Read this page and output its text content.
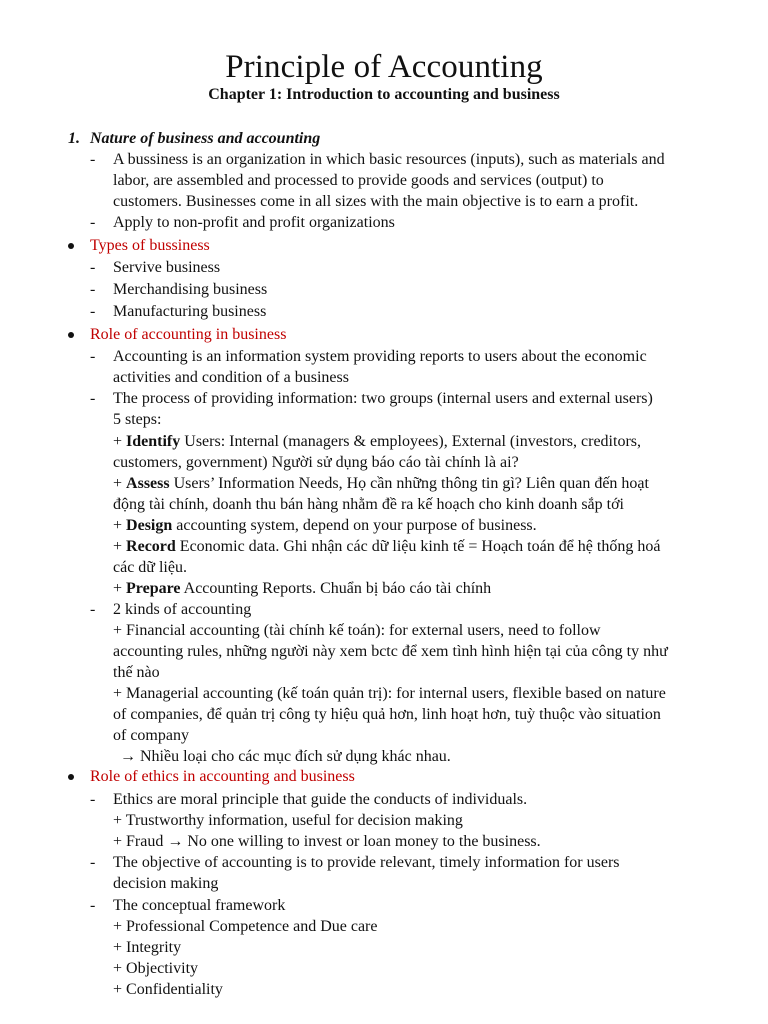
Principle of Accounting
Chapter 1: Introduction to accounting and business
1. Nature of business and accounting
- A bussiness is an organization in which basic resources (inputs), such as materials and
labor, are assembled and processed to provide goods and services (output) to
customers. Businesses come in all sizes with the main objective is to earn a profit.
- Apply to non-profit and profit organizations
Types of bussiness
- Servive business
- Merchandising business
- Manufacturing business
Role of accounting in business
- Accounting is an information system providing reports to users about the economic
activities and condition of a business
- The process of providing information: two groups (internal users and external users)
5 steps:
+ Identify Users: Internal (managers & employees), External (investors, creditors,
customers, government) Người sử dụng báo cáo tài chính là ai?
+ Assess Users’ Information Needs, Họ cần những thông tin gì? Liên quan đến hoạt
động tài chính, doanh thu bán hàng nhằm đề ra kế hoạch cho kinh doanh sắp tới
+ Design accounting system, depend on your purpose of business.
+ Record Economic data. Ghi nhận các dữ liệu kinh tế = Hoạch toán để hệ thống hoá
các dữ liệu.
+ Prepare Accounting Reports. Chuẩn bị báo cáo tài chính
- 2 kinds of accounting
+ Financial accounting (tài chính kế toán): for external users, need to follow
accounting rules, những người này xem bctc để xem tình hình hiện tại của công ty như
thế nào
+ Managerial accounting (kế toán quản trị): for internal users, flexible based on nature
of companies, để quản trị công ty hiệu quả hơn, linh hoạt hơn, tuỳ thuộc vào situation
of company
→ Nhiều loại cho các mục đích sử dụng khác nhau.
Role of ethics in accounting and business
- Ethics are moral principle that guide the conducts of individuals.
+ Trustworthy information, useful for decision making
+ Fraud → No one willing to invest or loan money to the business.
- The objective of accounting is to provide relevant, timely information for users
decision making
- The conceptual framework
+ Professional Competence and Due care
+ Integrity
+ Objectivity
+ Confidentiality
